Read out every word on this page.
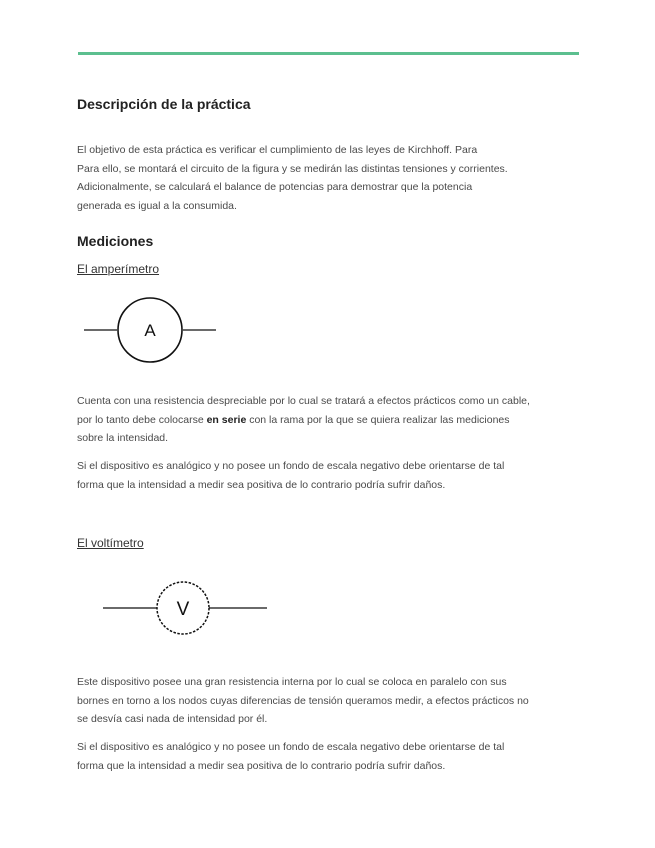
Descripción de la práctica

El objetivo de esta práctica es verificar el cumplimiento de las leyes de Kirchhoff. Para
Para ello, se montará el circuito de la figura y se medirán las distintas tensiones y corrientes.
Adicionalmente, se calculará el balance de potencias para demostrar que la potencia
generada es igual a la consumida.

Mediciones

El amperímetro

A

Cuenta con una resistencia despreciable por lo cual se tratará a efectos prácticos como un cable,
por lo tanto debe colocarse en serie con la rama por la que se quiera realizar las mediciones
sobre la intensidad.

Si el dispositivo es analógico y no posee un fondo de escala negativo debe orientarse de tal
forma que la intensidad a medir sea positiva de lo contrario podría sufrir daños.

El voltímetro

V

Este dispositivo posee una gran resistencia interna por lo cual se coloca en paralelo con sus
bornes en torno a los nodos cuyas diferencias de tensión queramos medir, a efectos prácticos no
se desvía casi nada de intensidad por él.

Si el dispositivo es analógico y no posee un fondo de escala negativo debe orientarse de tal
forma que la intensidad a medir sea positiva de lo contrario podría sufrir daños.
